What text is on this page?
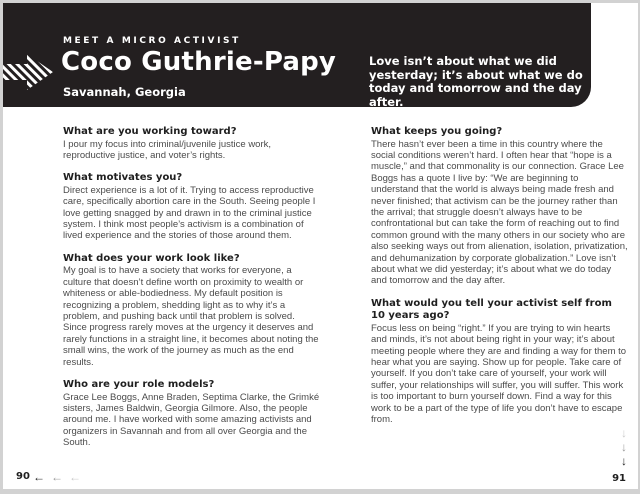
MEET A MICRO ACTIVIST
Coco Guthrie-Papy
Savannah, Georgia
Love isn’t about what we did yesterday; it’s about what we do today and tomorrow and the day after.
What are you working toward?

I pour my focus into criminal/juvenile justice work, reproductive justice, and voter’s rights.

What motivates you?

Direct experience is a lot of it. Trying to access reproductive care, specifically abortion care in the South. Seeing people I love getting snagged by and drawn in to the criminal justice system. I think most people’s activism is a combination of lived experience and the stories of those around them.

What does your work look like?

My goal is to have a society that works for everyone, a culture that doesn’t define worth on proximity to wealth or whiteness or able-bodiedness. My default position is recognizing a problem, shedding light as to why it’s a problem, and pushing back until that problem is solved. Since progress rarely moves at the urgency it deserves and rarely functions in a straight line, it becomes about noting the small wins, the work of the journey as much as the end results.

Who are your role models?

Grace Lee Boggs, Anne Braden, Septima Clarke, the Grimké sisters, James Baldwin, Georgia Gilmore. Also, the people around me. I have worked with some amazing activists and organizers in Savannah and from all over Georgia and the South.

What keeps you going?

There hasn’t ever been a time in this country where the social conditions weren’t hard. I often hear that “hope is a muscle,” and that commonality is our connection. Grace Lee Boggs has a quote I live by: “We are beginning to understand that the world is always being made fresh and never finished; that activism can be the journey rather than the arrival; that struggle doesn’t always have to be confrontational but can take the form of reaching out to find common ground with the many others in our society who are also seeking ways out from alienation, isolation, privatization, and dehumanization by corporate globalization.” Love isn’t about what we did yesterday; it’s about what we do today and tomorrow and the day after.

What would you tell your activist self from 10 years ago?

Focus less on being “right.” If you are trying to win hearts and minds, it’s not about being right in your way; it’s about meeting people where they are and finding a way for them to hear what you are saying. Show up for people. Take care of yourself. If you don’t take care of yourself, your work will suffer, your relationships will suffer, you will suffer. This work is too important to burn yourself down. Find a way for this work to be a part of the type of life you don’t have to escape from.

90 ← ← ←
↓
↓
↓
91
